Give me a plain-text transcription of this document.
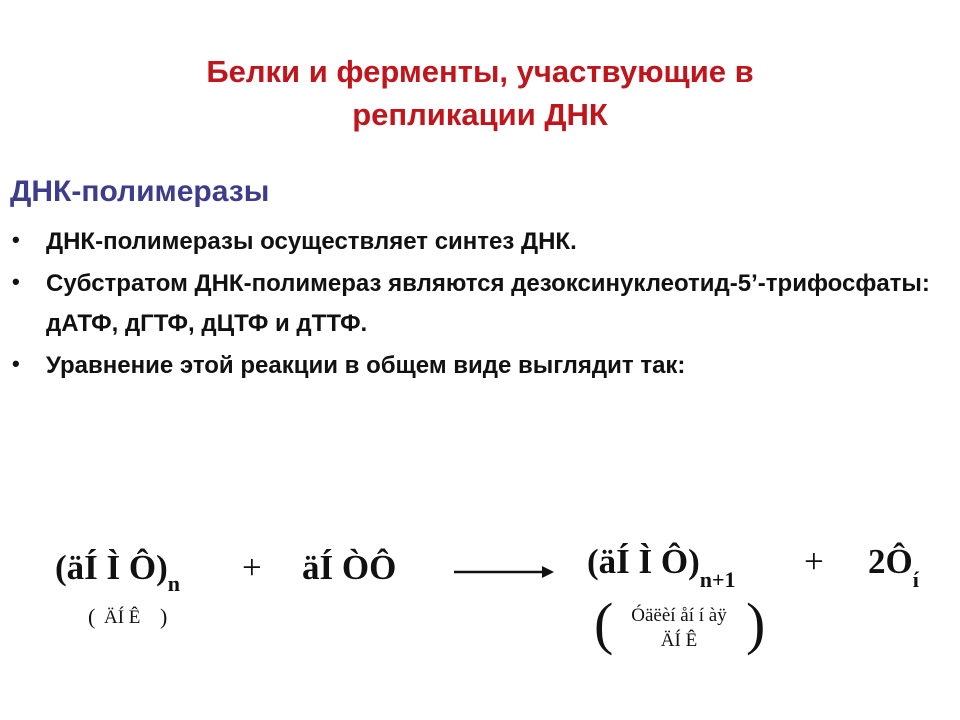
Белки и ферменты, участвующие в
репликации ДНК
ДНК-полимеразы
• ДНК-полимеразы осуществляет синтез ДНК.
• Субстратом ДНК-полимераз являются дезоксинуклеотид-5’-трифосфаты: дАТФ, дГТФ, дЦТФ и дТТФ.
• Уравнение этой реакции в общем виде выглядит так:
(äÍ Ì $Ô)_n$ + äÍ ÒÔ	(äÍ Ì $Ô)_{n+1}$ + $2Ô_í$
( ÄÍ Ê )	( Óäëèí åí í àÿ
ÄÍ Ê )
